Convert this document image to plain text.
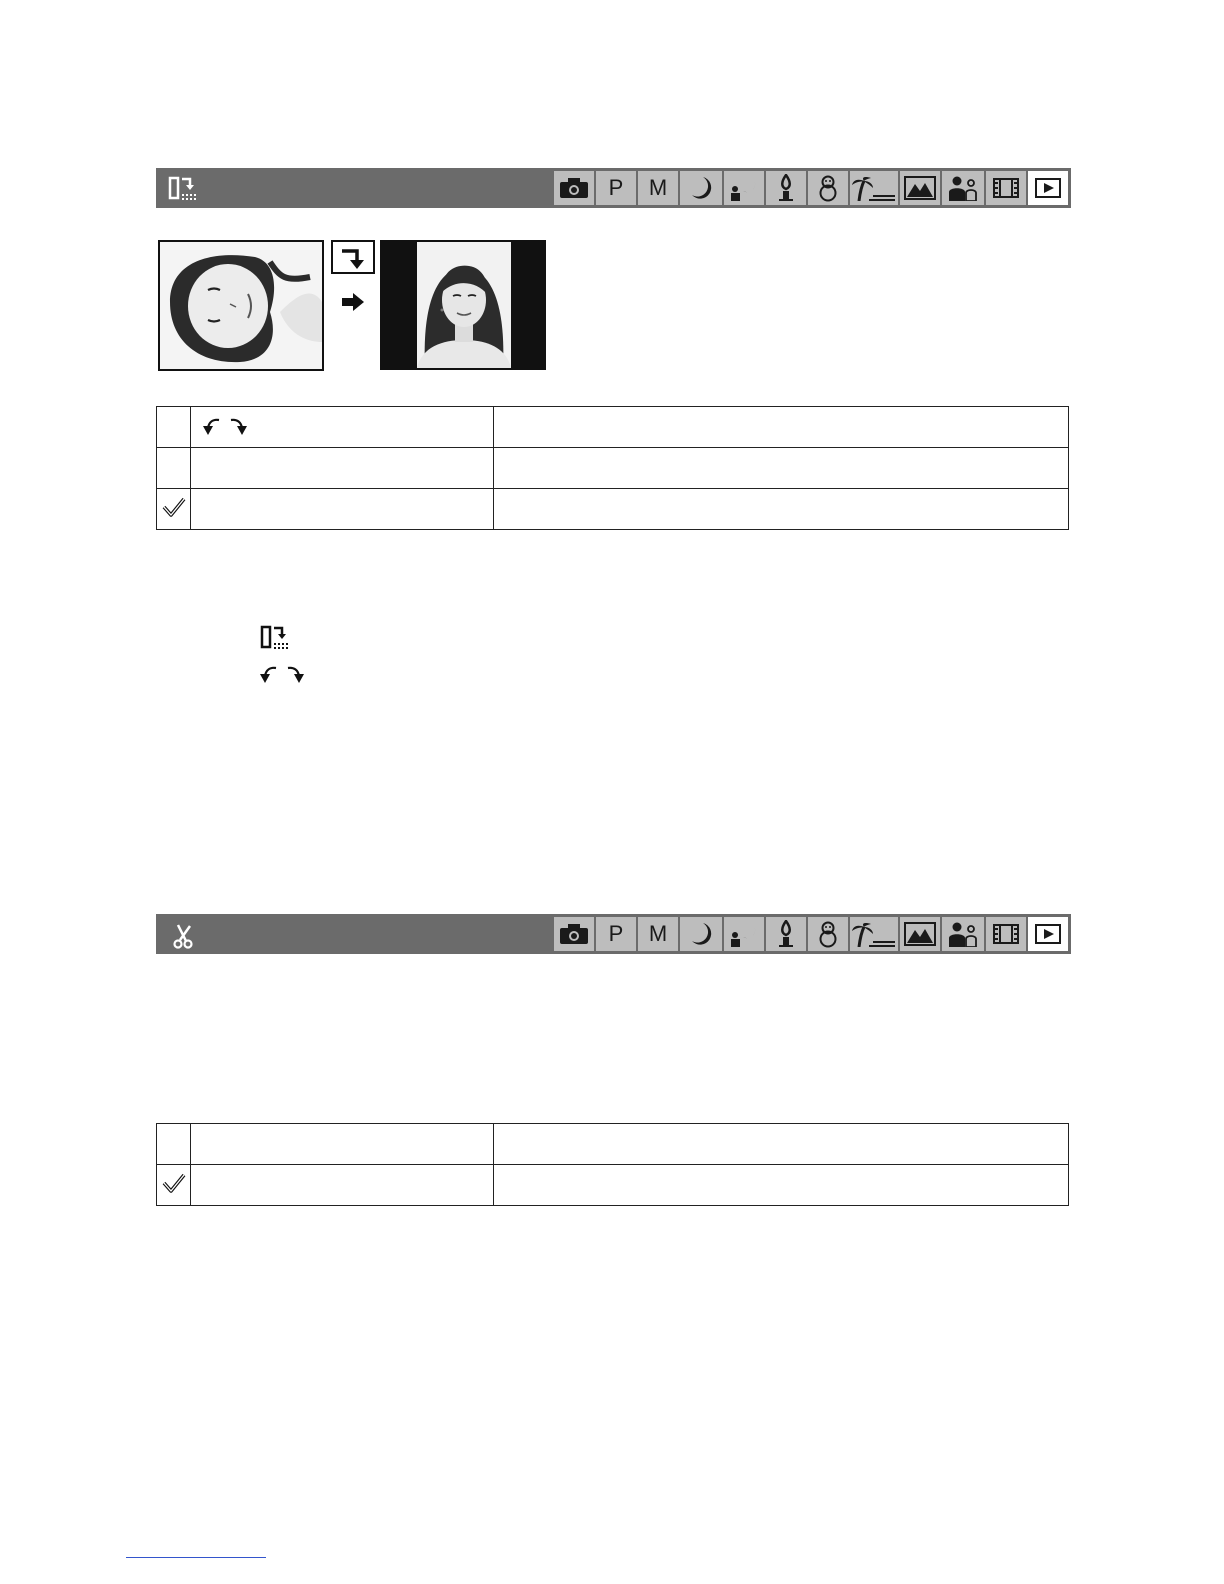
P M

P M
